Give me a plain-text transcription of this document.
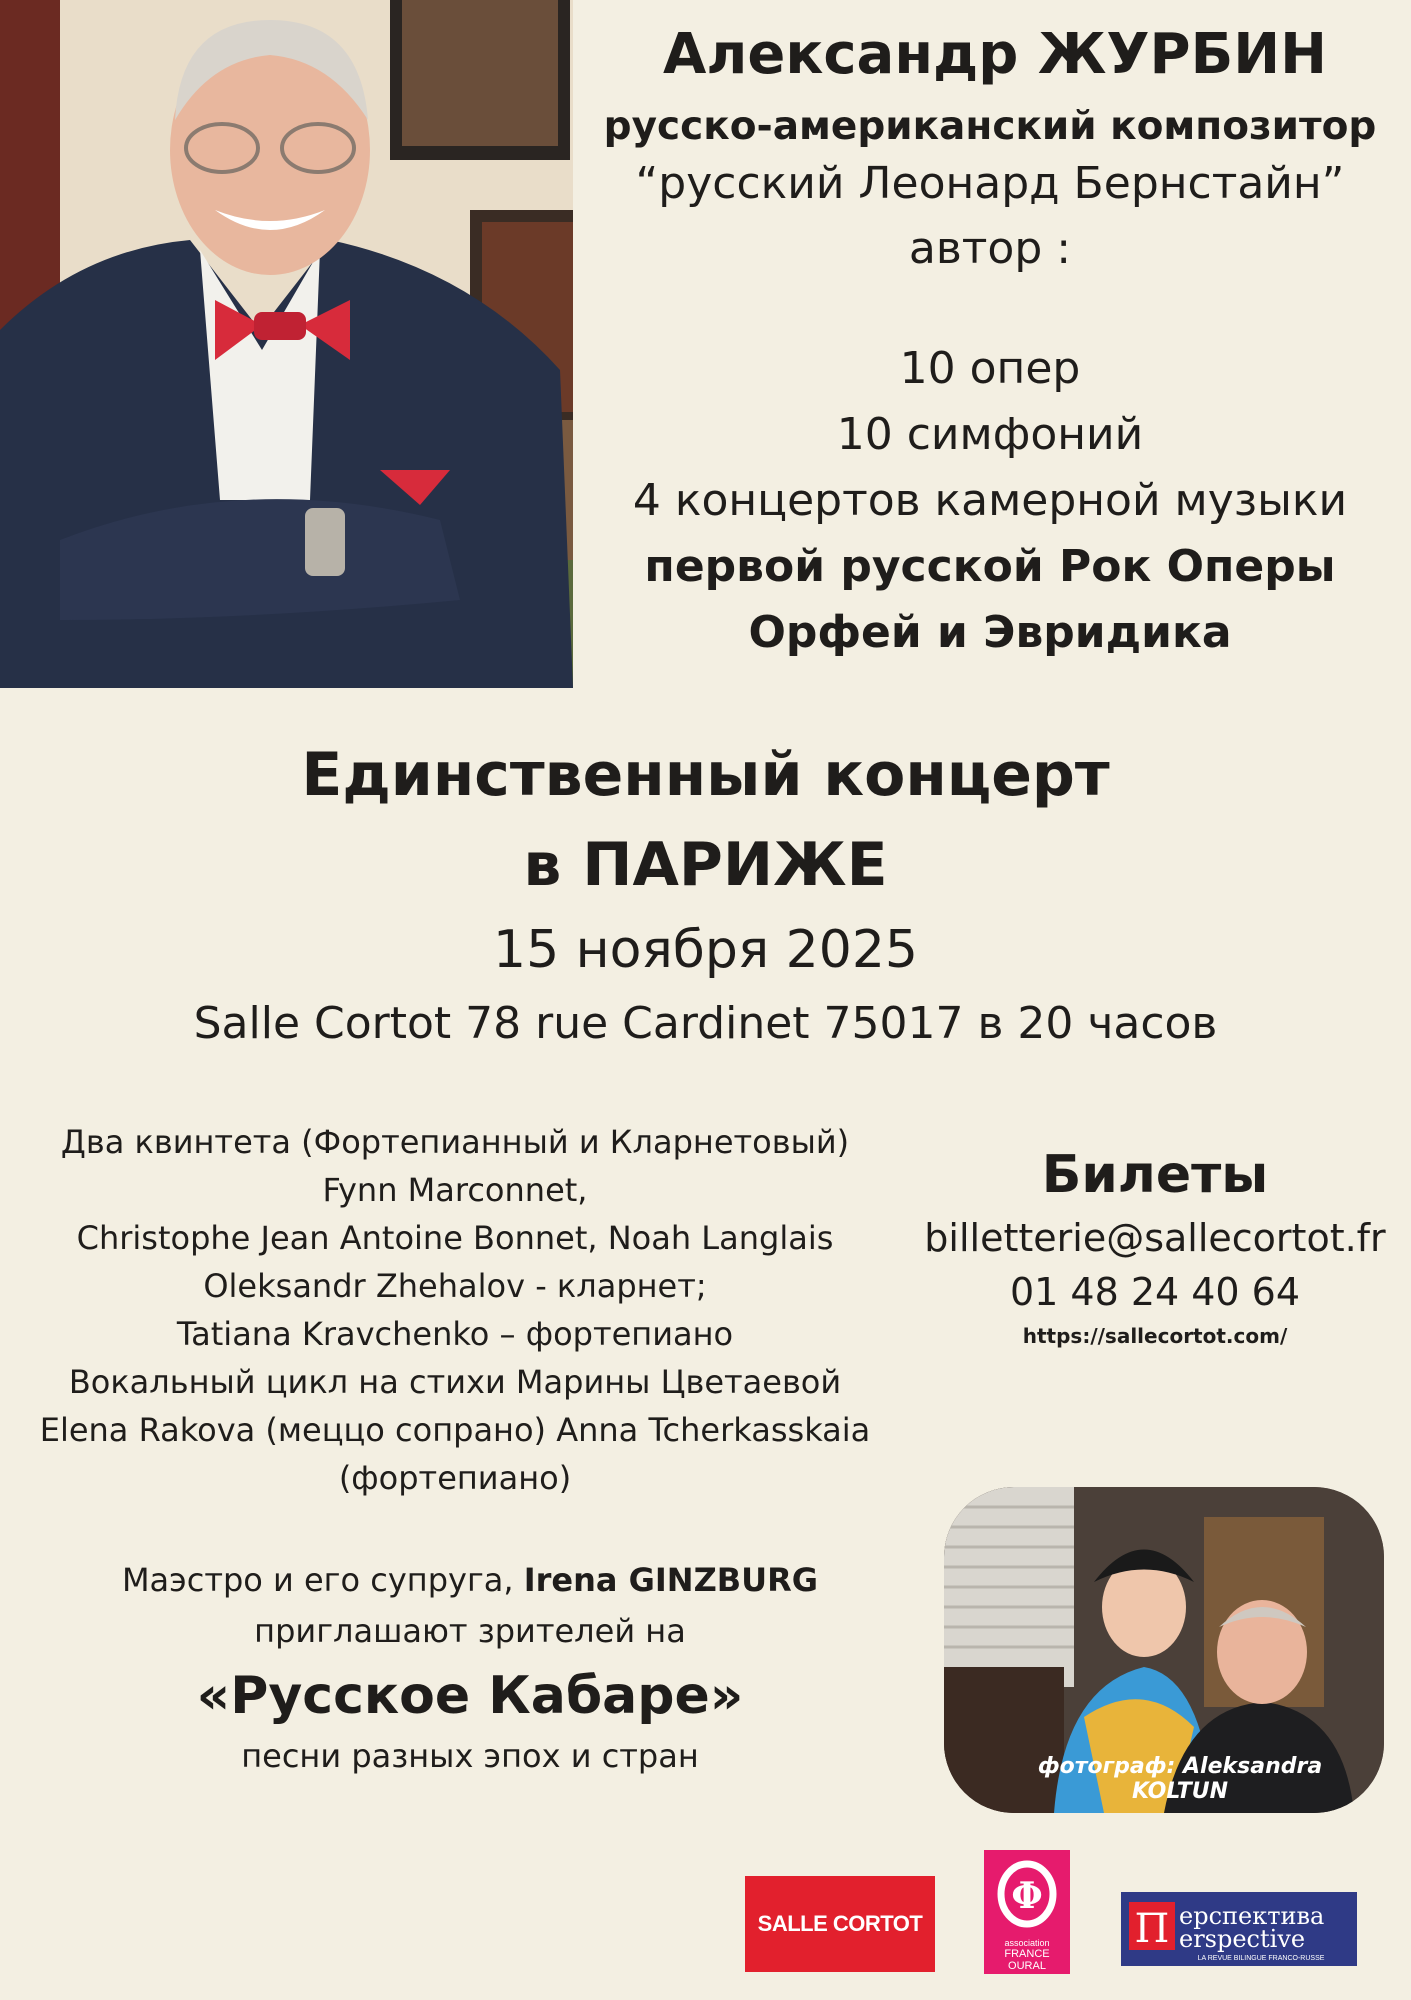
Александр ЖУРБИН
русско-американский композитор
“русский Леонард Бернстайн”
автор :
10 опер
10 симфоний
4 концертов камерной музыки
первой русской Рок Оперы
Орфей и Эвридика
Единственный концерт
в ПАРИЖЕ
15 ноября 2025
Salle Cortot 78 rue Cardinet 75017 в 20 часов
Два квинтета (Фортепианный и Кларнетовый)
Fynn Marconnet,
Christophe Jean Antoine Bonnet, Noah Langlais
Oleksandr Zhehalov - кларнет;
Tatiana Kravchenko – фортепиано
Вокальный цикл на стихи Марины Цветаевой
Elena Rakova (меццо сопрано) Anna Tcherkasskaia
(фортепиано)
Билеты
billetterie@sallecortot.fr
01 48 24 40 64
https://sallecortot.com/
Маэстро и его супруга, Irena GINZBURG
приглашают зрителей на
«Русское Кабаре»
песни разных эпох и стран	фотограф: Aleksandra KOLTUN
SALLE CORTOT
Φ
association
FRANCE
OURAL
П ерспектива
erspective
LA REVUE BILINGUE FRANCO-RUSSE
